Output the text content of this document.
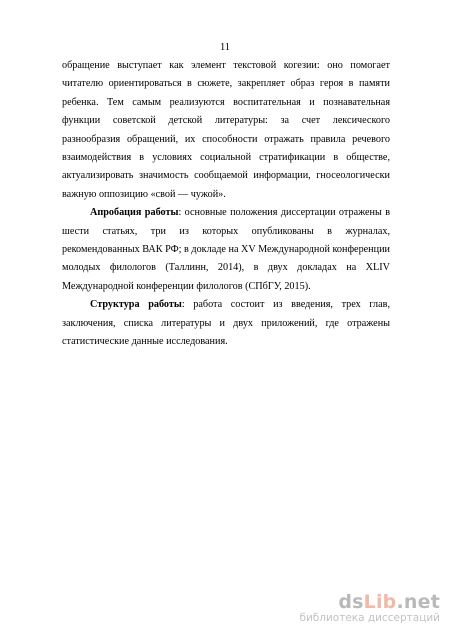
11

обращение выступает как элемент текстовой когезии: оно помогает читателю ориентироваться в сюжете, закрепляет образ героя в памяти ребенка. Тем самым реализуются воспитательная и познавательная функции советской детской литературы: за счет лексического разнообразия обращений, их способности отражать правила речевого взаимодействия в условиях социальной стратификации в обществе, актуализировать значимость сообщаемой информации, гносеологически важную оппозицию «свой — чужой».

Апробация работы: основные положения диссертации отражены в шести статьях, три из которых опубликованы в журналах, рекомендованных ВАК РФ; в докладе на XV Международной конференции молодых филологов (Таллинн, 2014), в двух докладах на XLIV Международной конференции филологов (СПбГУ, 2015).

Структура работы: работа состоит из введения, трех глав, заключения, списка литературы и двух приложений, где отражены статистические данные исследования.

dsLib.net
библиотека диссертаций
